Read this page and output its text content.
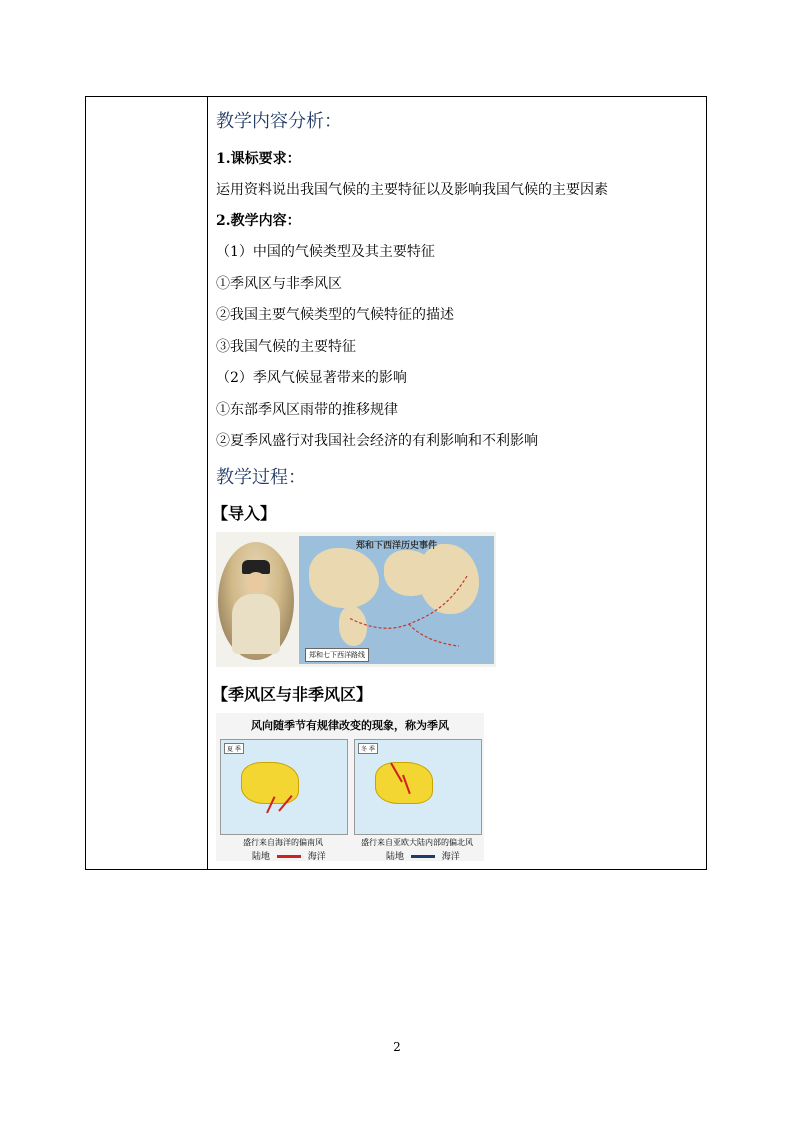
教学内容分析：
1.课标要求：
运用资料说出我国气候的主要特征以及影响我国气候的主要因素
2.教学内容：
（1）中国的气候类型及其主要特征
①季风区与非季风区
②我国主要气候类型的气候特征的描述
③我国气候的主要特征
（2）季风气候显著带来的影响
①东部季风区雨带的推移规律
②夏季风盛行对我国社会经济的有利影响和不利影响
教学过程：
【导入】
郑和下西洋历史事件
郑和七下西洋路线
【季风区与非季风区】
风向随季节有规律改变的现象，称为季风
夏 季	冬 季
盛行来自海洋的偏南风	盛行来自亚欧大陆内部的偏北风
陆地	海洋	陆地	海洋
2
